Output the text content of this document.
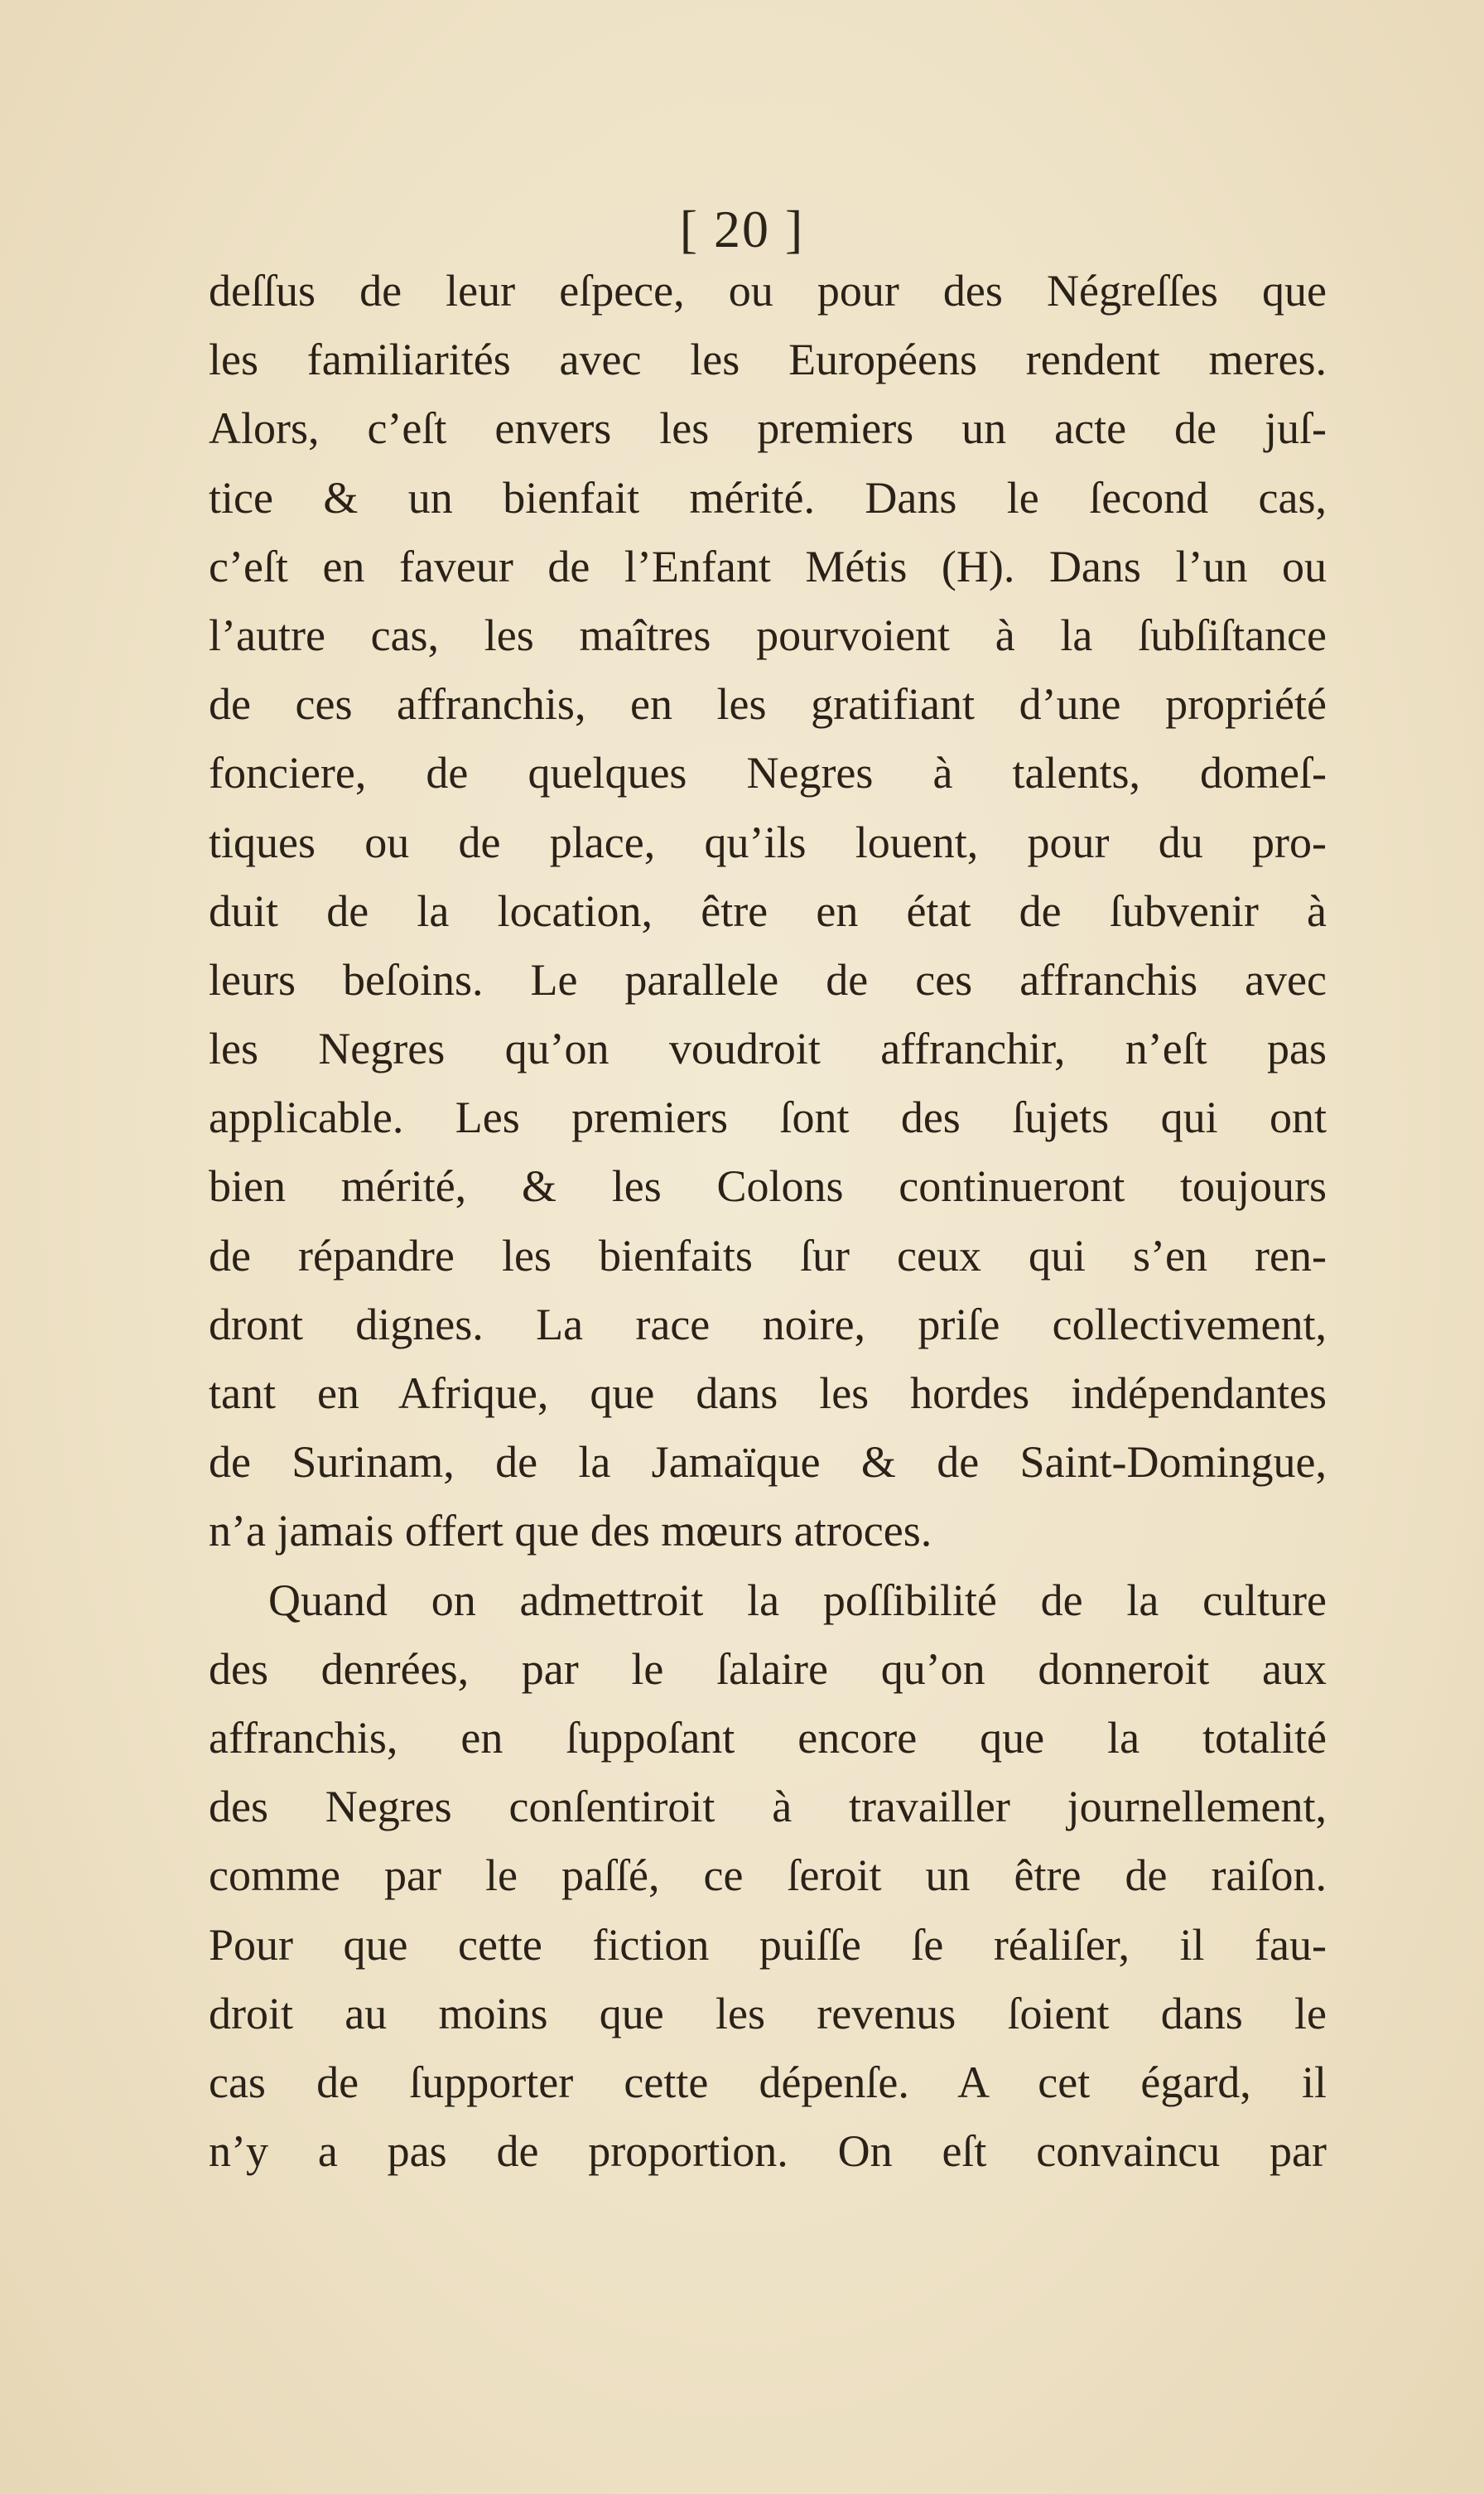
[ 20 ]
deſſus de leur eſpece, ou pour des Négreſſes que
les familiarités avec les Européens rendent meres.
Alors, c’eſt envers les premiers un acte de juſ-
tice & un bienfait mérité. Dans le ſecond cas,
c’eſt en faveur de l’Enfant Métis (H). Dans l’un ou
l’autre cas, les maîtres pourvoient à la ſubſiſtance
de ces affranchis, en les gratifiant d’une propriété
fonciere, de quelques Negres à talents, domeſ-
tiques ou de place, qu’ils louent, pour du pro-
duit de la location, être en état de ſubvenir à
leurs beſoins. Le parallele de ces affranchis avec
les Negres qu’on voudroit affranchir, n’eſt pas
applicable. Les premiers ſont des ſujets qui ont
bien mérité, & les Colons continueront toujours
de répandre les bienfaits ſur ceux qui s’en ren-
dront dignes. La race noire, priſe collectivement,
tant en Afrique, que dans les hordes indépendantes
de Surinam, de la Jamaïque & de Saint-Domingue,
n’a jamais offert que des mœurs atroces.
Quand on admettroit la poſſibilité de la culture
des denrées, par le ſalaire qu’on donneroit aux
affranchis, en ſuppoſant encore que la totalité
des Negres conſentiroit à travailler journellement,
comme par le paſſé, ce ſeroit un être de raiſon.
Pour que cette fiction puiſſe ſe réaliſer, il fau-
droit au moins que les revenus ſoient dans le
cas de ſupporter cette dépenſe. A cet égard, il
n’y a pas de proportion. On eſt convaincu par
